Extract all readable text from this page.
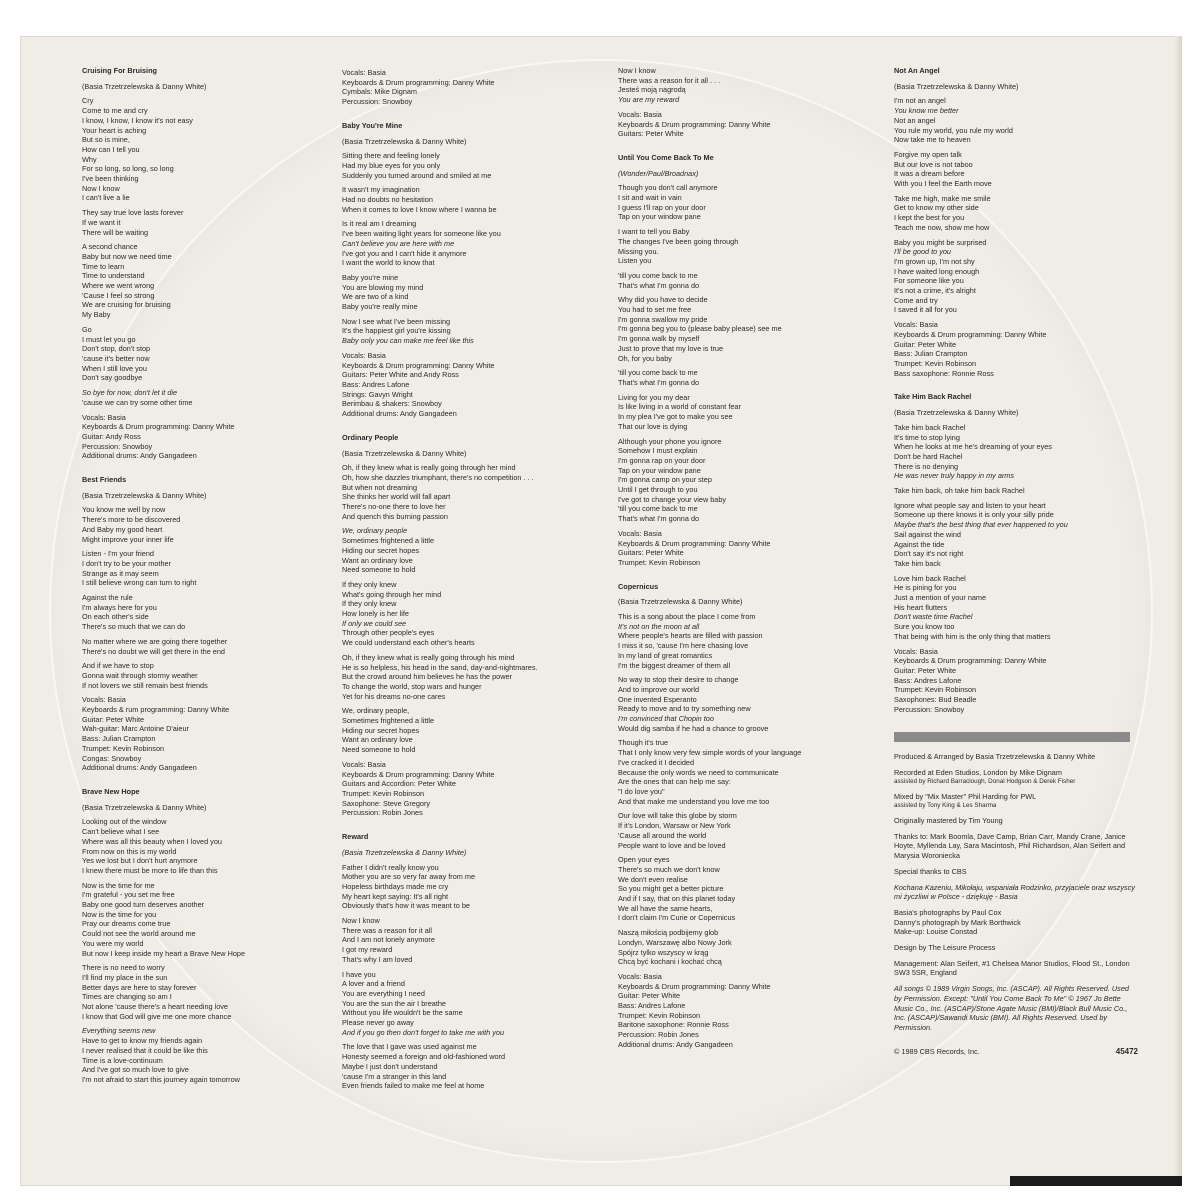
Cruising For Bruising
(Basia Trzetrzelewska & Danny White)
Cry
Come to me and cry
I know, I know, I know it's not easy
Your heart is aching
But so is mine,
How can I tell you
Why
For so long, so long, so long
I've been thinking
Now I know
I can't live a lie
They say true love lasts forever
If we want it
There will be waiting
A second chance
Baby but now we need time
Time to learn
Time to understand
Where we went wrong
'Cause I feel so strong
We are cruising for bruising
My Baby
Go
I must let you go
Don't stop, don't stop
'cause it's better now
When I still love you
Don't say goodbye
So bye for now, don't let it die
'cause we can try some other time
Vocals: Basia
Keyboards & Drum programming: Danny White
Guitar: Andy Ross
Percussion: Snowboy
Additional drums: Andy Gangadeen
Best Friends
(Basia Trzetrzelewska & Danny White)
You know me well by now
There's more to be discovered
And Baby my good heart
Might improve your inner life
Listen - I'm your friend
I don't try to be your mother
Strange as it may seem
I still believe wrong can turn to right
Against the rule
I'm always here for you
On each other's side
There's so much that we can do
No matter where we are going there together
There's no doubt we will get there in the end
And if we have to stop
Gonna wait through stormy weather
If not lovers we still remain best friends
Vocals: Basia
Keyboards & rum programming: Danny White
Guitar: Peter White
Wah-guitar: Marc Antoine D'aieur
Bass: Julian Crampton
Trumpet: Kevin Robinson
Congas: Snowboy
Additional drums: Andy Gangadeen
Brave New Hope
(Basia Trzetrzelewska & Danny White)
Looking out of the window
Can't believe what I see
Where was all this beauty when I loved you
From now on this is my world
Yes we lost but I don't hurt anymore
I knew there must be more to life than this
Now is the time for me
I'm grateful - you set me free
Baby one good turn deserves another
Now is the time for you
Pray our dreams come true
Could not see the world around me
You were my world
But now I keep inside my heart a Brave New Hope
There is no need to worry
I'll find my place in the sun
Better days are here to stay forever
Times are changing so am I
Not alone 'cause there's a heart needing love
I know that God will give me one more chance
Everything seems new
Have to get to know my friends again
I never realised that it could be like this
Time is a love-continuum
And I've got so much love to give
I'm not afraid to start this journey again tomorrow
Vocals: Basia
Keyboards & Drum programming: Danny White
Cymbals: Mike Dignam
Percussion: Snowboy
Baby You're Mine
(Basia Trzetrzelewska & Danny White)
Sitting there and feeling lonely
Had my blue eyes for you only
Suddenly you turned around and smiled at me
It wasn't my imagination
Had no doubts no hesitation
When it comes to love I know where I wanna be
Is it real am I dreaming
I've been waiting light years for someone like you
Can't believe you are here with me
I've got you and I can't hide it anymore
I want the world to know that
Baby you're mine
You are blowing my mind
We are two of a kind
Baby you're really mine
Now I see what I've been missing
It's the happiest girl you're kissing
Baby only you can make me feel like this
Vocals: Basia
Keyboards & Drum programming: Danny White
Guitars: Peter White and Andy Ross
Bass: Andres Lafone
Strings: Gavyn Wright
Berimbau & shakers: Snowboy
Additional drums: Andy Gangadeen
Ordinary People
(Basia Trzetrzelewska & Danny White)
Oh, if they knew what is really going through her mind
Oh, how she dazzles triumphant, there's no competition . . .
But when not dreaming
She thinks her world will fall apart
There's no-one there to love her
And quench this burning passion
We, ordinary people
Sometimes frightened a little
Hiding our secret hopes
Want an ordinary love
Need someone to hold
If they only knew
What's going through her mind
If they only knew
How lonely is her life
If only we could see
Through other people's eyes
We could understand each other's hearts
Oh, if they knew what is really going through his mind
He is so helpless, his head in the sand, day-and-nightmares.
But the crowd around him believes he has the power
To change the world, stop wars and hunger
Yet for his dreams no-one cares
We, ordinary people,
Sometimes frightened a little
Hiding our secret hopes
Want an ordinary love
Need someone to hold
Vocals: Basia
Keyboards & Drum programming: Danny White
Guitars and Accordion: Peter White
Trumpet: Kevin Robinson
Saxophone: Steve Gregory
Percussion: Robin Jones
Reward
(Basia Trzetrzelewska & Danny White)
Father I didn't really know you
Mother you are so very far away from me
Hopeless birthdays made me cry
My heart kept saying: It's all right
Obviously that's how it was meant to be
Now I know
There was a reason for it all
And I am not lonely anymore
I got my reward
That's why I am loved
I have you
A lover and a friend
You are everything I need
You are the sun the air I breathe
Without you life wouldn't be the same
Please never go away
And if you go then don't forget to take me with you
The love that I gave was used against me
Honesty seemed a foreign and old-fashioned word
Maybe I just don't understand
'cause I'm a stranger in this land
Even friends failed to make me feel at home
Now I know
There was a reason for it all . . .
Jesteś moją nagrodą
You are my reward
Vocals: Basia
Keyboards & Drum programming: Danny White
Guitars: Peter White
Until You Come Back To Me
(Wonder/Paul/Broadnax)
Though you don't call anymore
I sit and wait in vain
I guess I'll rap on your door
Tap on your window pane
I want to tell you Baby
The changes I've been going through
Missing you.
Listen you
'till you come back to me
That's what I'm gonna do
Why did you have to decide
You had to set me free
I'm gonna swallow my pride
I'm gonna beg you to (please baby please) see me
I'm gonna walk by myself
Just to prove that my love is true
Oh, for you baby
'till you come back to me
That's what I'm gonna do
Living for you my dear
Is like living in a world of constant fear
In my plea I've got to make you see
That our love is dying
Although your phone you ignore
Somehow I must explain
I'm gonna rap on your door
Tap on your window pane
I'm gonna camp on your step
Until I get through to you
I've got to change your view baby
'till you come back to me
That's what I'm gonna do
Vocals: Basia
Keyboards & Drum programming: Danny White
Guitars: Peter White
Trumpet: Kevin Robinson
Copernicus
(Basia Trzetrzelewska & Danny White)
This is a song about the place I come from
It's not on the moon at all
Where people's hearts are filled with passion
I miss it so, 'cause I'm here chasing love
In my land of great romantics
I'm the biggest dreamer of them all
No way to stop their desire to change
And to improve our world
One invented Esperanto
Ready to move and to try something new
I'm convinced that Chopin too
Would dig samba if he had a chance to groove
Though it's true
That I only know very few simple words of your language
I've cracked it I decided
Because the only words we need to communicate
Are the ones that can help me say:
"I do love you"
And that make me understand you love me too
Our love will take this globe by storm
If it's London, Warsaw or New York
'Cause all around the world
People want to love and be loved
Open your eyes
There's so much we don't know
We don't even realise
So you might get a better picture
And if I say, that on this planet today
We all have the same hearts,
I don't claim I'm Curie or Copernicus
Naszą miłością podbijemy glob
Londyn, Warszawę albo Nowy Jork
Spójrz tylko wszyscy w krąg
Chcą być kochani i kochać chcą
Vocals: Basia
Keyboards & Drum programming: Danny White
Guitar: Peter White
Bass: Andres Lafone
Trumpet: Kevin Robinson
Baritone saxophone: Ronnie Ross
Percussion: Robin Jones
Additional drums: Andy Gangadeen
Not An Angel
(Basia Trzetrzelewska & Danny White)
I'm not an angel
You know me better
Not an angel
You rule my world, you rule my world
Now take me to heaven
Forgive my open talk
But our love is not taboo
It was a dream before
With you I feel the Earth move
Take me high, make me smile
Get to know my other side
I kept the best for you
Teach me now, show me how
Baby you might be surprised
I'll be good to you
I'm grown up, I'm not shy
I have waited long enough
For someone like you
It's not a crime, it's alright
Come and try
I saved it all for you
Vocals: Basia
Keyboards & Drum programming: Danny White
Guitar: Peter White
Bass: Julian Crampton
Trumpet: Kevin Robinson
Bass saxophone: Ronnie Ross
Take Him Back Rachel
(Basia Trzetrzelewska & Danny White)
Take him back Rachel
It's time to stop lying
When he looks at me he's dreaming of your eyes
Don't be hard Rachel
There is no denying
He was never truly happy in my arms
Take him back, oh take him back Rachel
Ignore what people say and listen to your heart
Someone up there knows it is only your silly pride
Maybe that's the best thing that ever happened to you
Sail against the wind
Against the tide
Don't say it's not right
Take him back
Love him back Rachel
He is pining for you
Just a mention of your name
His heart flutters
Don't waste time Rachel
Sure you know too
That being with him is the only thing that matters
Vocals: Basia
Keyboards & Drum programming: Danny White
Guitar: Peter White
Bass: Andres Lafone
Trumpet: Kevin Robinson
Saxophones: Bud Beadle
Percussion: Snowboy
Produced & Arranged by Basia Trzetrzelewska & Danny White
Recorded at Eden Studios, London by Mike Dignam
assisted by Richard Barraclough, Donal Hodgson & Derek Fisher
Mixed by "Mix Master" Phil Harding for PWL
assisted by Tony King & Les Sharma
Originally mastered by Tim Young
Thanks to: Mark Boomla, Dave Camp, Brian Carr, Mandy Crane, Janice Hoyte, Myllenda Lay, Sara Macintosh, Phil Richardson, Alan Seifert and Marysia Woroniecka
Special thanks to CBS
Kochana Kazeniu, Mikołaju, wspaniała Rodzinko, przyjaciele oraz wszyscy mi życzliwi w Polsce - dziękuję - Basia
Basia's photographs by Paul Cox
Danny's photograph by Mark Borthwick
Make-up: Louise Constad
Design by The Leisure Process
Management: Alan Seifert, #1 Chelsea Manor Studios, Flood St., London SW3 5SR, England
All songs © 1989 Virgin Songs, Inc. (ASCAP). All Rights Reserved. Used by Permission. Except: "Until You Come Back To Me" © 1967 Jo Bette Music Co., Inc. (ASCAP)/Stone Agate Music (BMI)/Black Bull Music Co., Inc. (ASCAP)/Sawandi Music (BMI). All Rights Reserved. Used by Permission.
© 1989 CBS Records, Inc.	45472
